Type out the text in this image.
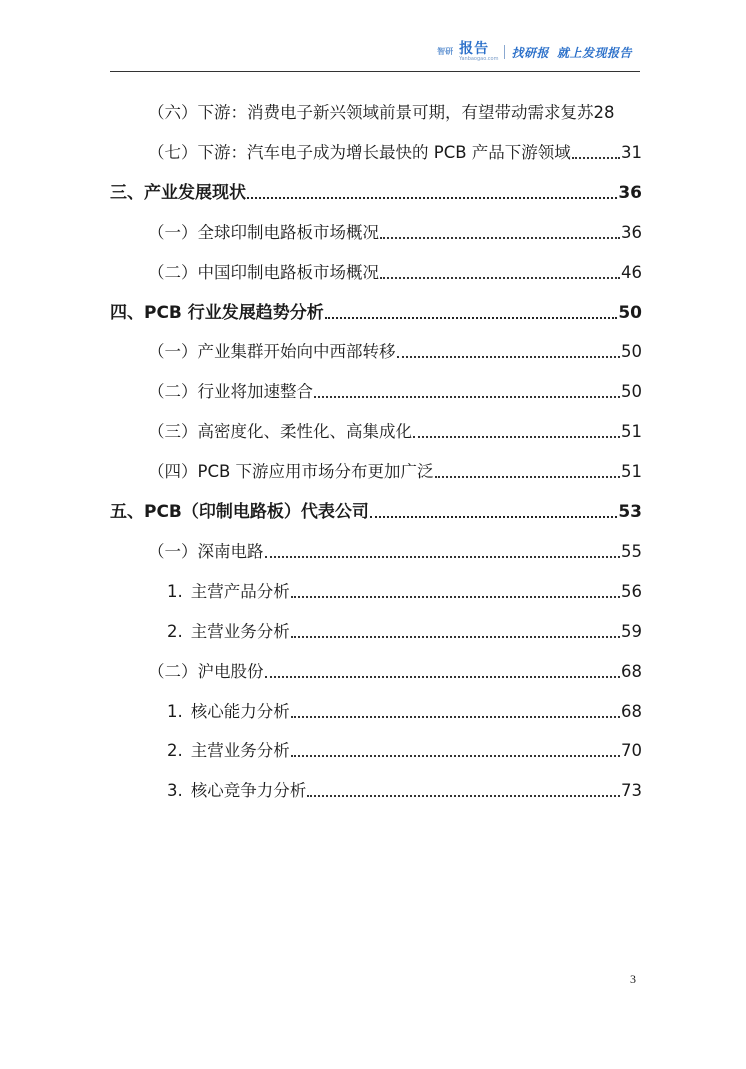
智研 报告
Yanbaogao.com 找研报 就上发现报告
（六）下游：消费电子新兴领域前景可期，有望带动需求复苏 28
（七）下游：汽车电子成为增长最快的 PCB 产品下游领域	31
三、产业发展现状	36
（一）全球印制电路板市场概况	36
（二）中国印制电路板市场概况	46
四、PCB 行业发展趋势分析	50
（一）产业集群开始向中西部转移	50
（二）行业将加速整合	50
（三）高密度化、柔性化、高集成化	51
（四）PCB 下游应用市场分布更加广泛	51
五、PCB（印制电路板）代表公司	53
（一）深南电路	55
1. 主营产品分析	56
2. 主营业务分析	59
（二）沪电股份	68
1. 核心能力分析	68
2. 主营业务分析	70
3. 核心竞争力分析	73
3
